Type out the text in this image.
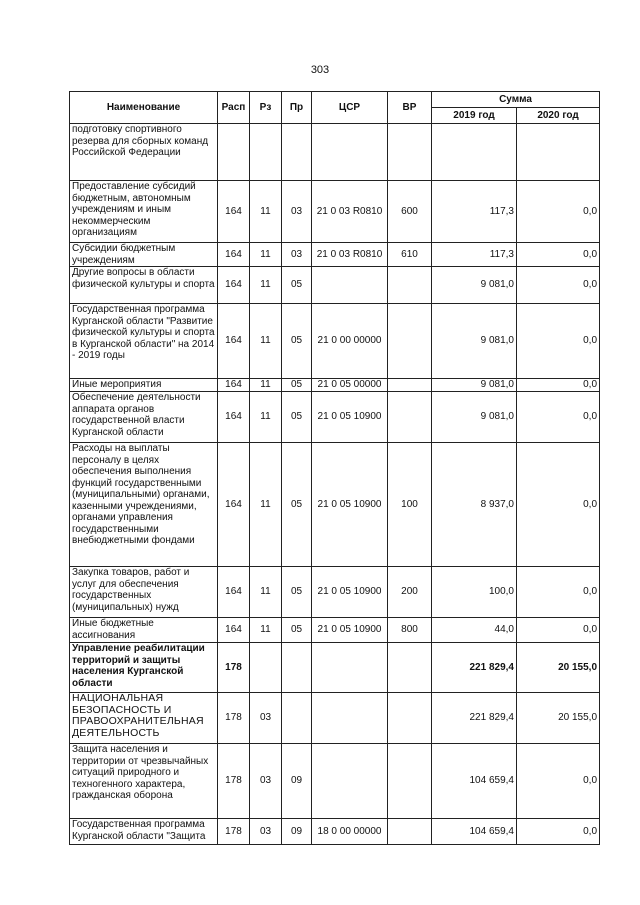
303
Наименование	Расп	Рз	Пр	ЦСР	ВР	Сумма	
						2019 год	2020 год
подготовку спортивного резерва для сборных команд Российской Федерации							
Предоставление субсидий бюджетным, автономным учреждениям и иным некоммерческим организациям	164	11	03	21 0 03 R0810	600	117,3	0,0
Субсидии бюджетным учреждениям	164	11	03	21 0 03 R0810	610	117,3	0,0
Другие вопросы в области физической культуры и спорта	164	11	05			9 081,0	0,0
Государственная программа Курганской области "Развитие физической культуры и спорта в Курганской области" на 2014 - 2019 годы	164	11	05	21 0 00 00000		9 081,0	0,0
Иные мероприятия	164	11	05	21 0 05 00000		9 081,0	0,0
Обеспечение деятельности аппарата органов государственной власти Курганской области	164	11	05	21 0 05 10900		9 081,0	0,0
Расходы на выплаты персоналу в целях обеспечения выполнения функций государственными (муниципальными) органами, казенными учреждениями, органами управления государственными внебюджетными фондами	164	11	05	21 0 05 10900	100	8 937,0	0,0
Закупка товаров, работ и услуг для обеспечения государственных (муниципальных) нужд	164	11	05	21 0 05 10900	200	100,0	0,0
Иные бюджетные ассигнования	164	11	05	21 0 05 10900	800	44,0	0,0
Управление реабилитации территорий и защиты населения Курганской области	178					221 829,4	20 155,0
НАЦИОНАЛЬНАЯ БЕЗОПАСНОСТЬ И ПРАВООХРАНИТЕЛЬНАЯ ДЕЯТЕЛЬНОСТЬ	178	03				221 829,4	20 155,0
Защита населения и территории от чрезвычайных ситуаций природного и техногенного характера, гражданская оборона	178	03	09			104 659,4	0,0
Государственная программа Курганской области "Защита	178	03	09	18 0 00 00000		104 659,4	0,0
